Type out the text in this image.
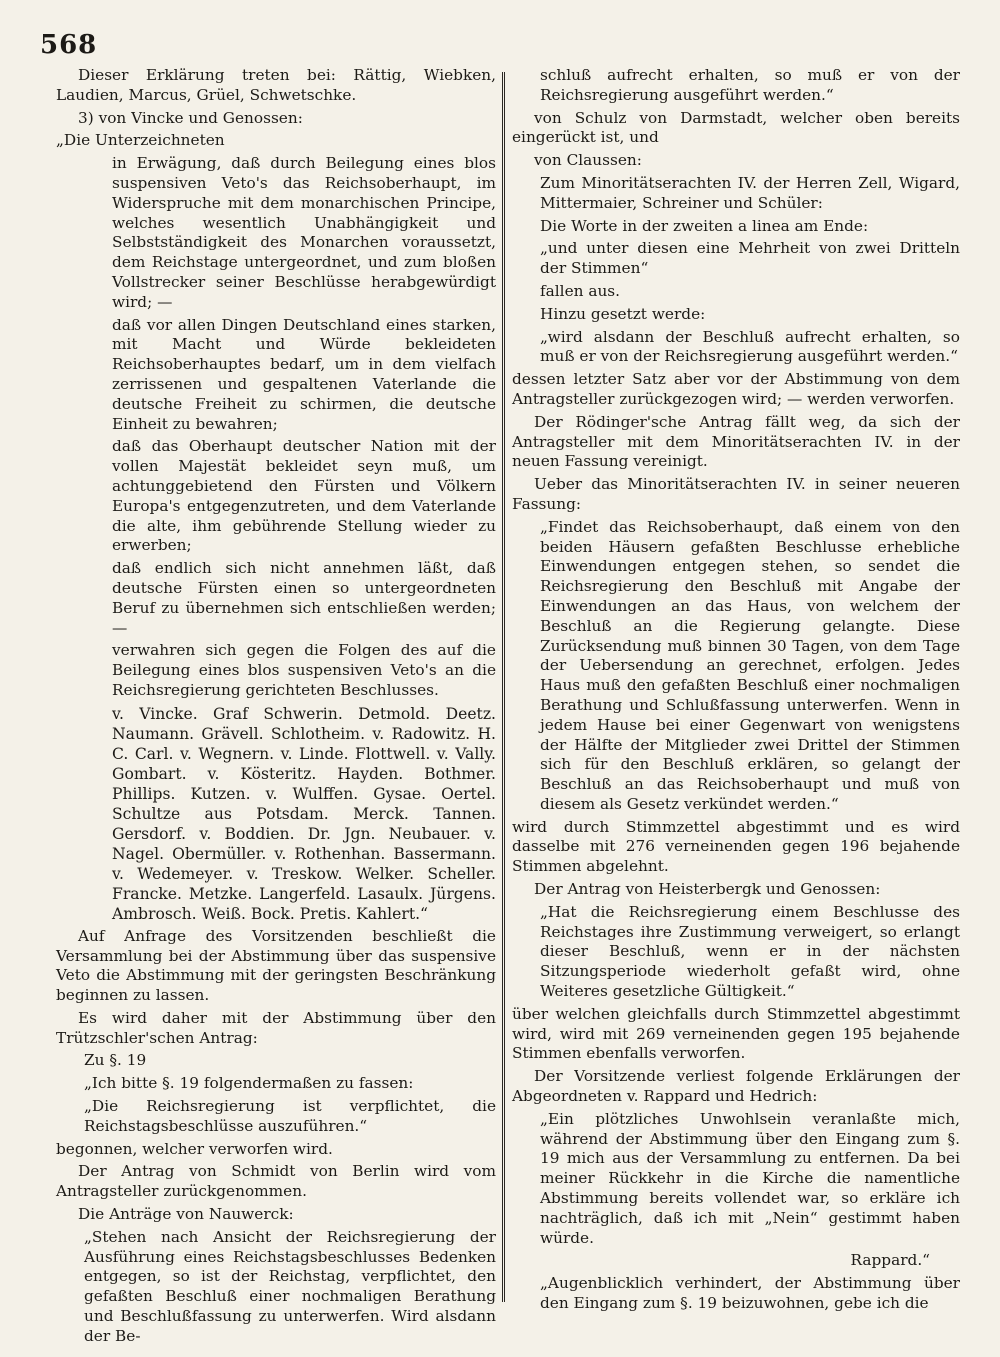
568

Dieser Erklärung treten bei: Rättig, Wiebken, Laudien, Marcus, Grüel, Schwetschke.

3) von Vincke und Genossen:

„Die Unterzeichneten

in Erwägung, daß durch Beilegung eines blos suspensiven Veto's das Reichsoberhaupt, im Widerspruche mit dem monarchischen Principe, welches wesentlich Unabhängigkeit und Selbstständigkeit des Monarchen voraussetzt, dem Reichstage untergeordnet, und zum bloßen Vollstrecker seiner Beschlüsse herabgewürdigt wird; —

daß vor allen Dingen Deutschland eines starken, mit Macht und Würde bekleideten Reichsoberhauptes bedarf, um in dem vielfach zerrissenen und gespaltenen Vaterlande die deutsche Freiheit zu schirmen, die deutsche Einheit zu bewahren;

daß das Oberhaupt deutscher Nation mit der vollen Majestät bekleidet seyn muß, um achtunggebietend den Fürsten und Völkern Europa's entgegenzutreten, und dem Vaterlande die alte, ihm gebührende Stellung wieder zu erwerben;

daß endlich sich nicht annehmen läßt, daß deutsche Fürsten einen so untergeordneten Beruf zu übernehmen sich entschließen werden; —

verwahren sich gegen die Folgen des auf die Beilegung eines blos suspensiven Veto's an die Reichsregierung gerichteten Beschlusses.

v. Vincke. Graf Schwerin. Detmold. Deetz. Naumann. Grävell. Schlotheim. v. Radowitz. H. C. Carl. v. Wegnern. v. Linde. Flottwell. v. Vally. Gombart. v. Kösteritz. Hayden. Bothmer. Phillips. Kutzen. v. Wulffen. Gysae. Oertel. Schultze aus Potsdam. Merck. Tannen. Gersdorf. v. Boddien. Dr. Jgn. Neubauer. v. Nagel. Obermüller. v. Rothenhan. Bassermann. v. Wedemeyer. v. Treskow. Welker. Scheller. Francke. Metzke. Langerfeld. Lasaulx. Jürgens. Ambrosch. Weiß. Bock. Pretis. Kahlert.“

Auf Anfrage des Vorsitzenden beschließt die Versammlung bei der Abstimmung über das suspensive Veto die Abstimmung mit der geringsten Beschränkung beginnen zu lassen.

Es wird daher mit der Abstimmung über den Trützschler'schen Antrag:

Zu §. 19

„Ich bitte §. 19 folgendermaßen zu fassen:

„Die Reichsregierung ist verpflichtet, die Reichstagsbeschlüsse auszuführen.“

begonnen, welcher verworfen wird.

Der Antrag von Schmidt von Berlin wird vom Antragsteller zurückgenommen.

Die Anträge von Nauwerck:

„Stehen nach Ansicht der Reichsregierung der Ausführung eines Reichstagsbeschlusses Bedenken entgegen, so ist der Reichstag, verpflichtet, den gefaßten Beschluß einer nochmaligen Berathung und Beschlußfassung zu unterwerfen. Wird alsdann der Be-

schluß aufrecht erhalten, so muß er von der Reichsregierung ausgeführt werden.“

von Schulz von Darmstadt, welcher oben bereits eingerückt ist, und

von Claussen:

Zum Minoritätserachten IV. der Herren Zell, Wigard, Mittermaier, Schreiner und Schüler:

Die Worte in der zweiten a linea am Ende:

„und unter diesen eine Mehrheit von zwei Dritteln der Stimmen“

fallen aus.

Hinzu gesetzt werde:

„wird alsdann der Beschluß aufrecht erhalten, so muß er von der Reichsregierung ausgeführt werden.“

dessen letzter Satz aber vor der Abstimmung von dem Antragsteller zurückgezogen wird; — werden verworfen.

Der Rödinger'sche Antrag fällt weg, da sich der Antragsteller mit dem Minoritätserachten IV. in der neuen Fassung vereinigt.

Ueber das Minoritätserachten IV. in seiner neueren Fassung:

„Findet das Reichsoberhaupt, daß einem von den beiden Häusern gefaßten Beschlusse erhebliche Einwendungen entgegen stehen, so sendet die Reichsregierung den Beschluß mit Angabe der Einwendungen an das Haus, von welchem der Beschluß an die Regierung gelangte. Diese Zurücksendung muß binnen 30 Tagen, von dem Tage der Uebersendung an gerechnet, erfolgen. Jedes Haus muß den gefaßten Beschluß einer nochmaligen Berathung und Schlußfassung unterwerfen. Wenn in jedem Hause bei einer Gegenwart von wenigstens der Hälfte der Mitglieder zwei Drittel der Stimmen sich für den Beschluß erklären, so gelangt der Beschluß an das Reichsoberhaupt und muß von diesem als Gesetz verkündet werden.“

wird durch Stimmzettel abgestimmt und es wird dasselbe mit 276 verneinenden gegen 196 bejahende Stimmen abgelehnt.

Der Antrag von Heisterbergk und Genossen:

„Hat die Reichsregierung einem Beschlusse des Reichstages ihre Zustimmung verweigert, so erlangt dieser Beschluß, wenn er in der nächsten Sitzungsperiode wiederholt gefaßt wird, ohne Weiteres gesetzliche Gültigkeit.“

über welchen gleichfalls durch Stimmzettel abgestimmt wird, wird mit 269 verneinenden gegen 195 bejahende Stimmen ebenfalls verworfen.

Der Vorsitzende verliest folgende Erklärungen der Abgeordneten v. Rappard und Hedrich:

„Ein plötzliches Unwohlsein veranlaßte mich, während der Abstimmung über den Eingang zum §. 19 mich aus der Versammlung zu entfernen. Da bei meiner Rückkehr in die Kirche die namentliche Abstimmung bereits vollendet war, so erkläre ich nachträglich, daß ich mit „Nein“ gestimmt haben würde.

Rappard.“

„Augenblicklich verhindert, der Abstimmung über den Eingang zum §. 19 beizuwohnen, gebe ich die
